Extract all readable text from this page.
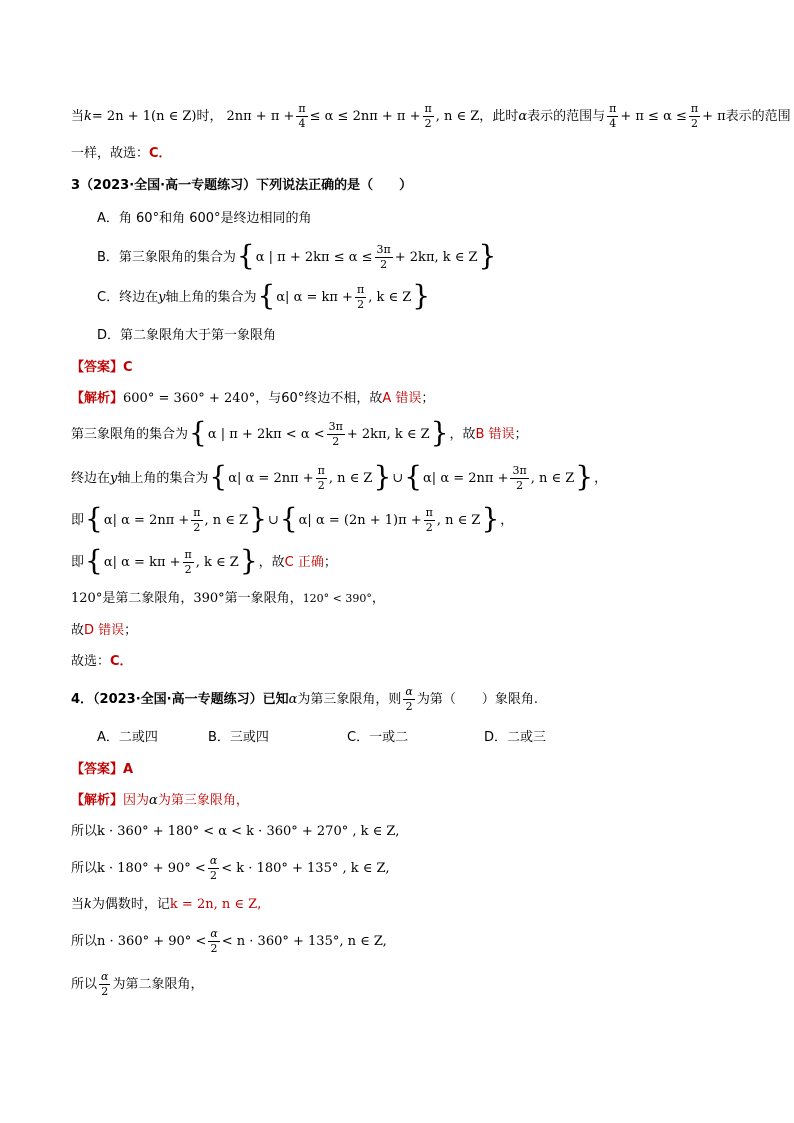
当 k = 2n + 1(n ∈ Z) 时， $2n\pi + \pi + \frac{\pi}{4} \le \alpha \le 2n\pi + \pi + \frac{\pi}{2}$ , n ∈ Z ，此时 α 表示的范围与 $\frac{\pi}{4} + \pi \le \alpha \le \frac{\pi}{2} + \pi$表示的范围
一样，故选： C．
3（2023·全国·高一专题练习）下列说法正确的是（　　）
A．角 60°和角 600°是终边相同的角
B．第三象限角的集合为 { α | $\pi + 2k\pi \le \alpha \le \frac{3\pi}{2} + 2k\pi$, k ∈ Z }
C．终边在 y 轴上角的集合为 { α| $\alpha = k\pi + \frac{\pi}{2}$ , k ∈ Z }
D．第二象限角大于第一象限角
【答案】 C
【解析】 600° = 360° + 240° ，与60°终边不相，故 A 错误 ；
第三象限角的集合为 { α | $\pi + 2k\pi < \alpha < \frac{3\pi}{2} + 2k\pi$, k ∈ Z } ，故 B 错误 ；
终边在 y 轴上角的集合为 { α| $\alpha = 2n\pi + \frac{\pi}{2}$ , n ∈ Z } ∪ { α| $\alpha = 2n\pi + \frac{3\pi}{2}$ , n ∈ Z } ，
即 { α| $\alpha = 2n\pi + \frac{\pi}{2}$ , n ∈ Z } ∪ { α| $\alpha = (2n + 1)\pi + \frac{\pi}{2}$ , n ∈ Z } ，
即 { α| $\alpha = k\pi + \frac{\pi}{2}$ , k ∈ Z } ，故 C 正确 ；
120° 是第二象限角， 390° 第一象限角， 120° < 390° ，
故 D 错误 ；
故选： C．
4．（2023·全国·高一专题练习）已知 α 为第三象限角，则 $\frac{\alpha}{2}$ 为第（　　）象限角.
A．二或四	B．三或四	C．一或二	D．二或三
【答案】 A
【解析】 因为 α 为第三象限角，
所以 k · 360° + 180° < α < k · 360° + 270° , k ∈ Z,
所以 $k \cdot 180^\circ + 90^\circ < \frac{\alpha}{2} < k \cdot 180^\circ + 135^\circ$ , k ∈ Z,
当 k 为偶数时，记 k = 2n, n ∈ Z ,
所以 $n \cdot 360^\circ + 90^\circ < \frac{\alpha}{2} < n \cdot 360^\circ + 135^\circ$, n ∈ Z,
所以 $\frac{\alpha}{2}$ 为第二象限角，
